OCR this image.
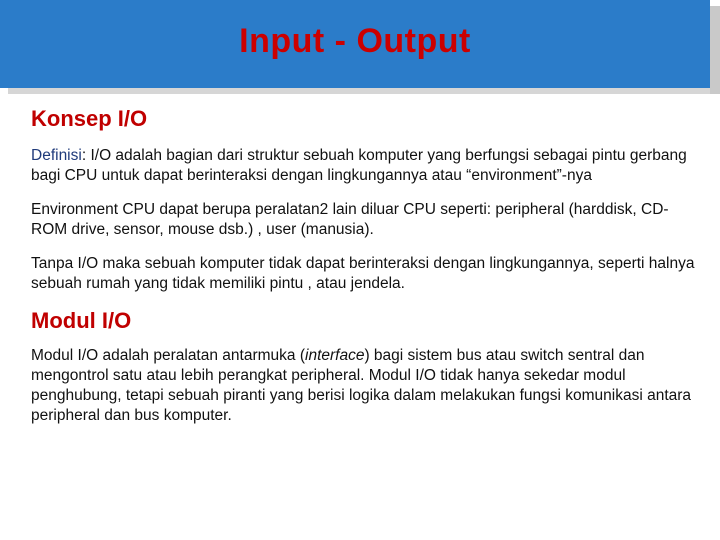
Input - Output
Konsep I/O
Definisi: I/O adalah bagian dari struktur sebuah komputer yang berfungsi sebagai pintu gerbang bagi CPU untuk dapat berinteraksi dengan lingkungannya atau “environment”-nya
Environment CPU dapat berupa peralatan2 lain diluar CPU seperti: peripheral (harddisk, CD-ROM drive, sensor, mouse dsb.) , user (manusia).
Tanpa I/O maka sebuah komputer tidak dapat berinteraksi dengan lingkungannya, seperti halnya sebuah rumah yang tidak memiliki pintu , atau jendela.
Modul I/O
Modul I/O adalah peralatan antarmuka (interface) bagi sistem bus atau switch sentral dan mengontrol satu atau lebih perangkat peripheral. Modul I/O tidak hanya sekedar modul penghubung, tetapi sebuah piranti yang berisi logika dalam melakukan fungsi komunikasi antara peripheral dan bus komputer.
